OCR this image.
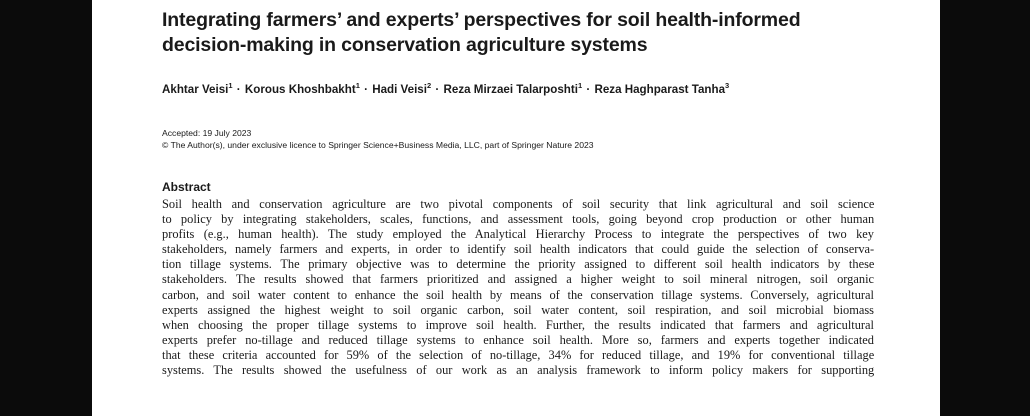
Integrating farmers’ and experts’ perspectives for soil health-informed
decision-making in conservation agriculture systems
Akhtar Veisi$^1$ · Korous Khoshbakht$^1$ · Hadi Veisi$^2$ · Reza Mirzaei Talarposhti$^1$ · Reza Haghparast Tanha$^3$
Accepted: 19 July 2023
© The Author(s), under exclusive licence to Springer Science+Business Media, LLC, part of Springer Nature 2023
Abstract
Soil health and conservation agriculture are two pivotal components of soil security that link agricultural and soil science
to policy by integrating stakeholders, scales, functions, and assessment tools, going beyond crop production or other human
profits (e.g., human health). The study employed the Analytical Hierarchy Process to integrate the perspectives of two key
stakeholders, namely farmers and experts, in order to identify soil health indicators that could guide the selection of conserva-
tion tillage systems. The primary objective was to determine the priority assigned to different soil health indicators by these
stakeholders. The results showed that farmers prioritized and assigned a higher weight to soil mineral nitrogen, soil organic
carbon, and soil water content to enhance the soil health by means of the conservation tillage systems. Conversely, agricultural
experts assigned the highest weight to soil organic carbon, soil water content, soil respiration, and soil microbial biomass
when choosing the proper tillage systems to improve soil health. Further, the results indicated that farmers and agricultural
experts prefer no-tillage and reduced tillage systems to enhance soil health. More so, farmers and experts together indicated
that these criteria accounted for 59% of the selection of no-tillage, 34% for reduced tillage, and 19% for conventional tillage
systems. The results showed the usefulness of our work as an analysis framework to inform policy makers for supporting
